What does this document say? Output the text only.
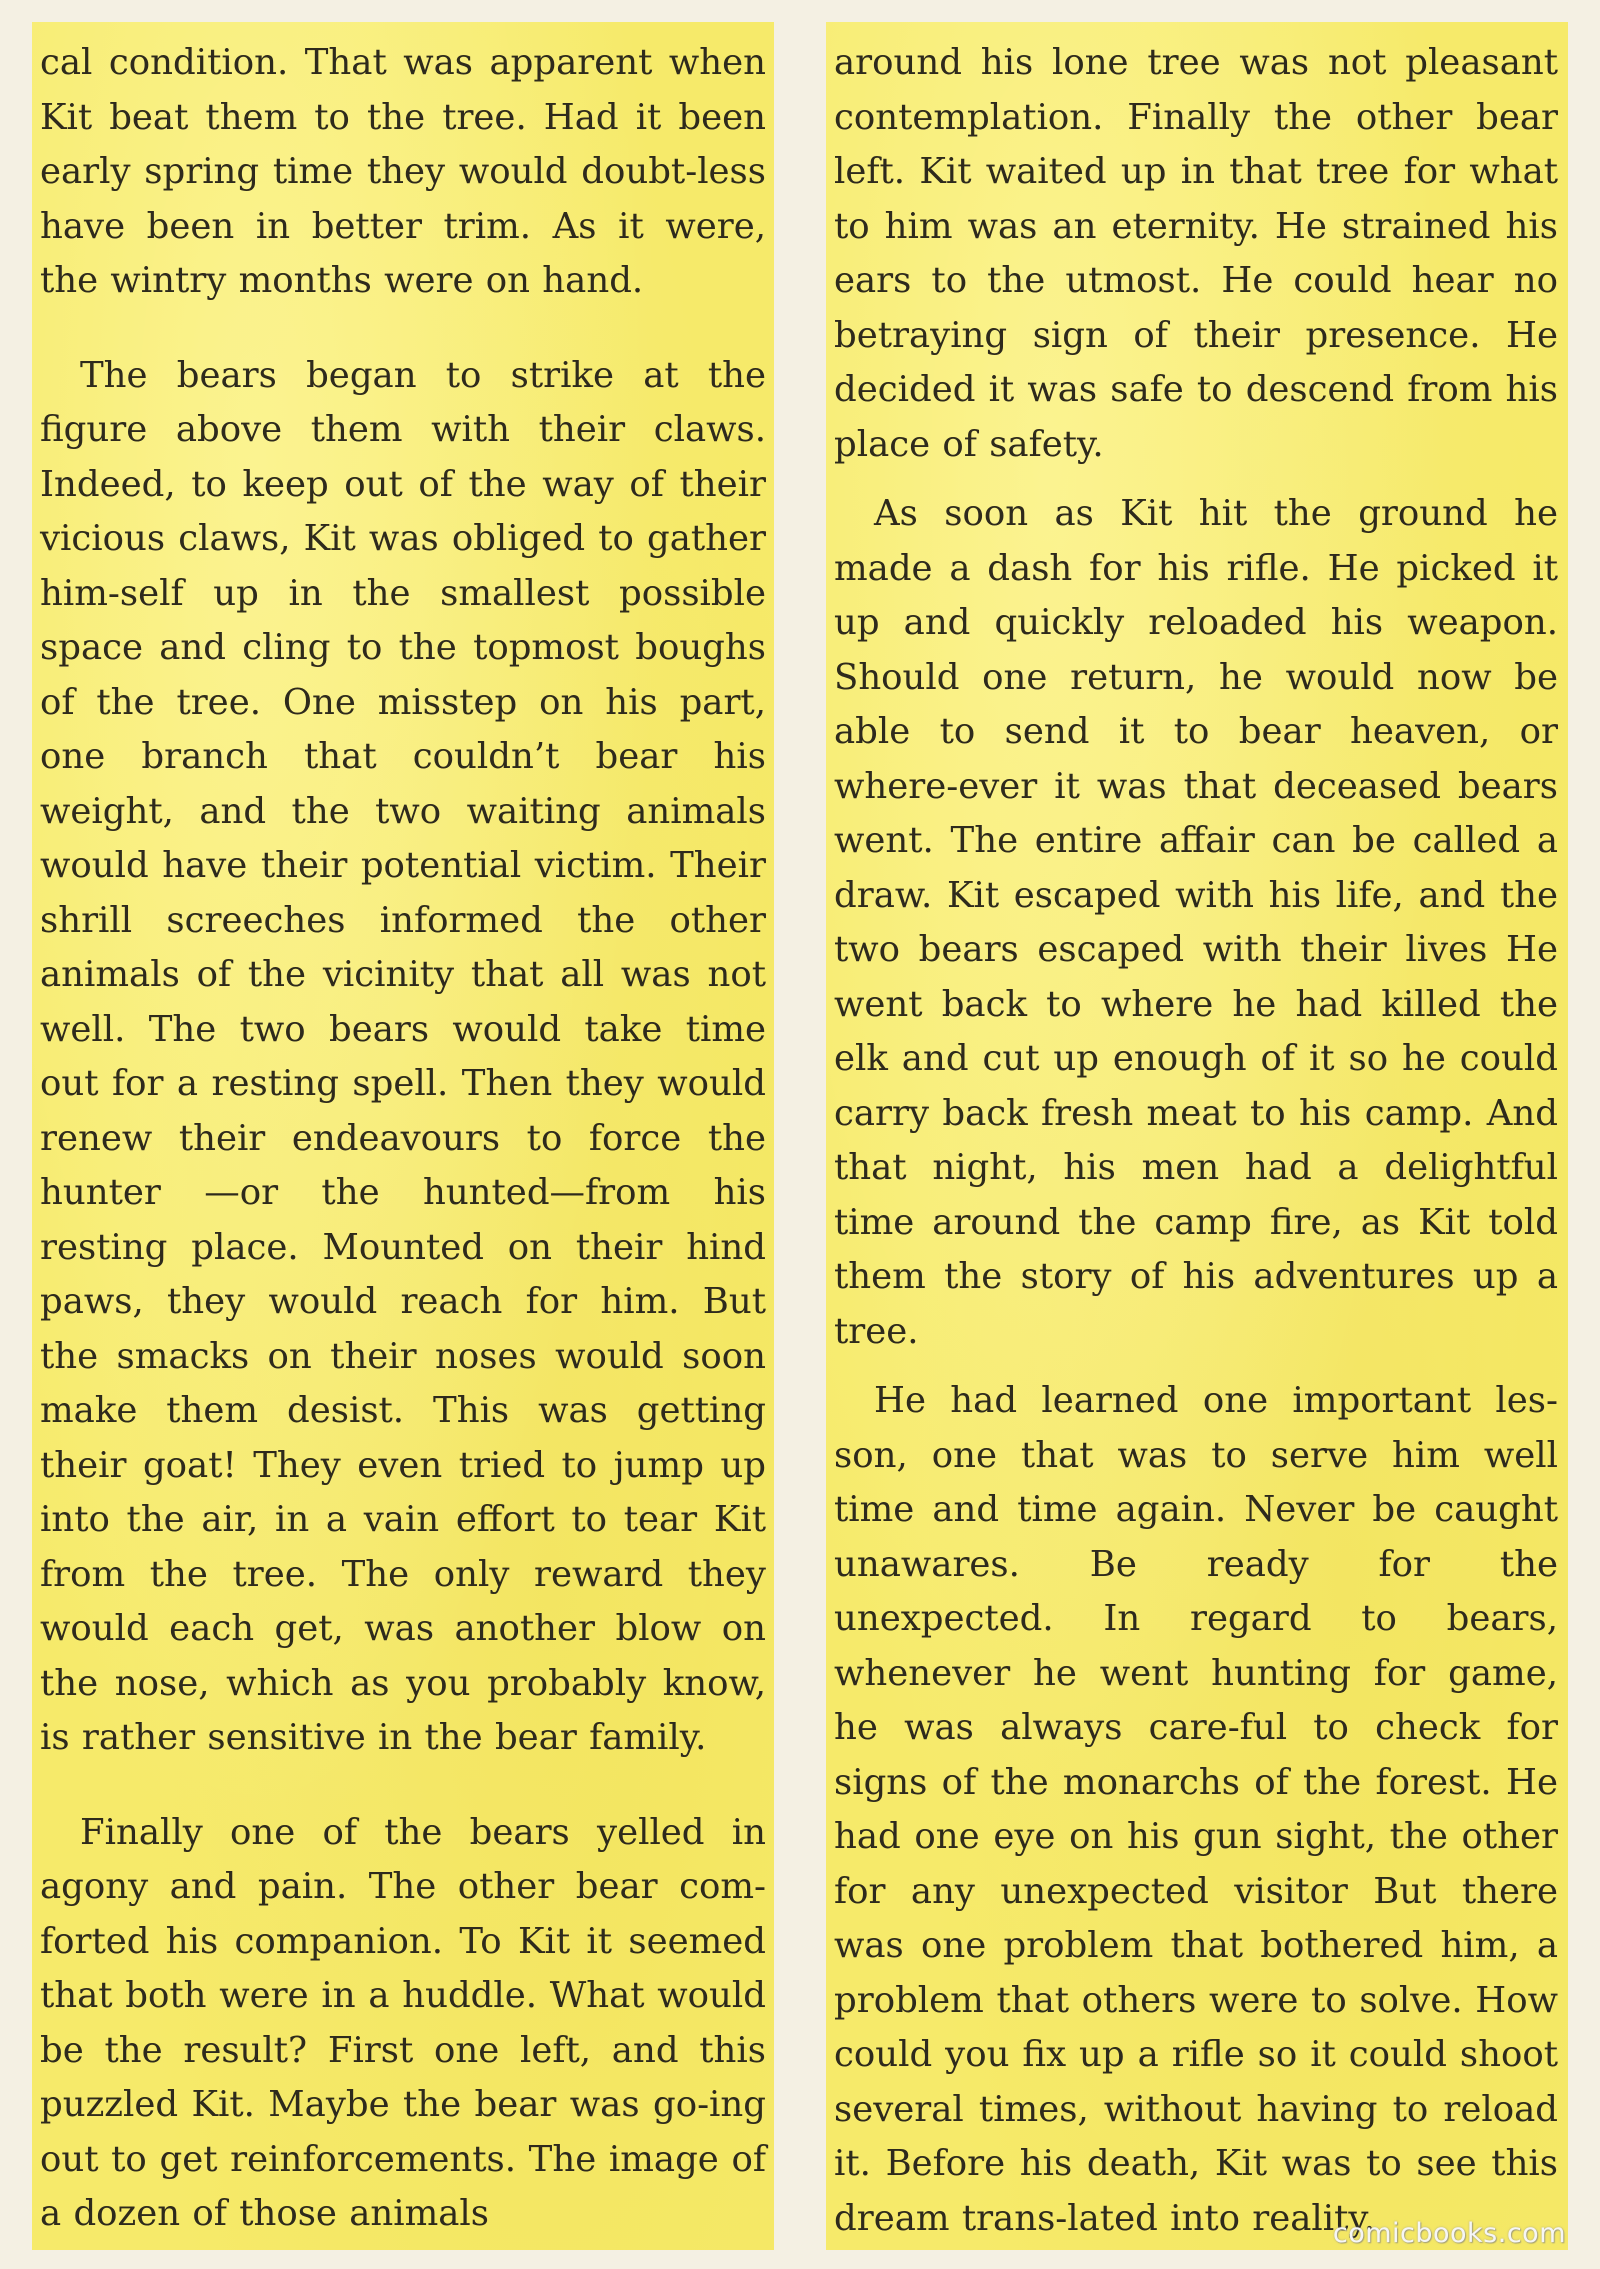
cal condition. That was apparent when Kit beat them to the tree. Had it been early spring time they would doubt-less have been in better trim. As it were, the wintry months were on hand.

The bears began to strike at the figure above them with their claws. Indeed, to keep out of the way of their vicious claws, Kit was obliged to gather him-self up in the smallest possible space and cling to the topmost boughs of the tree. One misstep on his part, one branch that couldn’t bear his weight, and the two waiting animals would have their potential victim. Their shrill screeches informed the other animals of the vicinity that all was not well. The two bears would take time out for a resting spell. Then they would renew their endeavours to force the hunter —or the hunted—from his resting place. Mounted on their hind paws, they would reach for him. But the smacks on their noses would soon make them desist. This was getting their goat! They even tried to jump up into the air, in a vain effort to tear Kit from the tree. The only reward they would each get, was another blow on the nose, which as you probably know, is rather sensitive in the bear family.

Finally one of the bears yelled in agony and pain. The other bear com-forted his companion. To Kit it seemed that both were in a huddle. What would be the result? First one left, and this puzzled Kit. Maybe the bear was go-ing out to get reinforcements. The image of a dozen of those animals

around his lone tree was not pleasant contemplation. Finally the other bear left. Kit waited up in that tree for what to him was an eternity. He strained his ears to the utmost. He could hear no betraying sign of their presence. He decided it was safe to descend from his place of safety.

As soon as Kit hit the ground he made a dash for his rifle. He picked it up and quickly reloaded his weapon. Should one return, he would now be able to send it to bear heaven, or where-ever it was that deceased bears went. The entire affair can be called a draw. Kit escaped with his life, and the two bears escaped with their lives He went back to where he had killed the elk and cut up enough of it so he could carry back fresh meat to his camp. And that night, his men had a delightful time around the camp fire, as Kit told them the story of his adventures up a tree.

He had learned one important les-son, one that was to serve him well time and time again. Never be caught unawares. Be ready for the unexpected. In regard to bears, whenever he went hunting for game, he was always care-ful to check for signs of the monarchs of the forest. He had one eye on his gun sight, the other for any unexpected visitor But there was one problem that bothered him, a problem that others were to solve. How could you fix up a rifle so it could shoot several times, without having to reload it. Before his death, Kit was to see this dream trans-lated into reality.

comicbooks.com
